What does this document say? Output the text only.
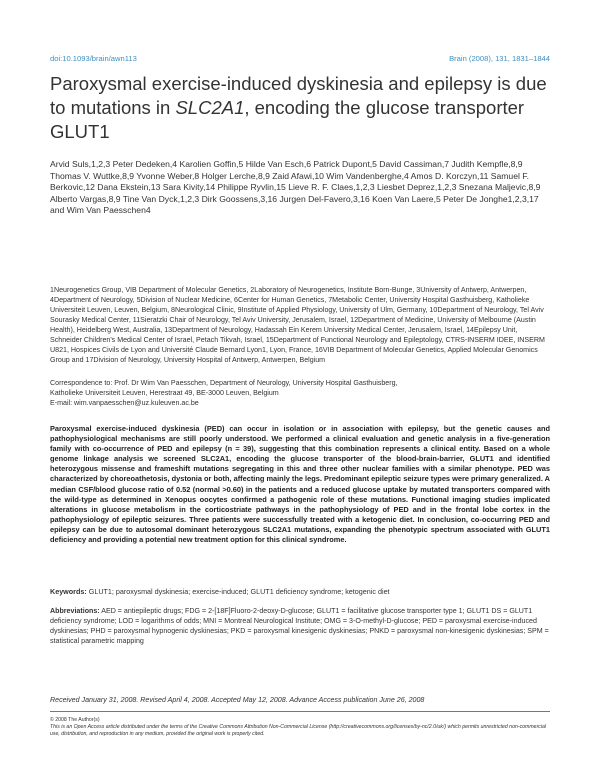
doi:10.1093/brain/awn113	Brain (2008), 131, 1831–1844
Paroxysmal exercise-induced dyskinesia and epilepsy is due to mutations in SLC2A1, encoding the glucose transporter GLUT1
Arvid Suls,1,2,3 Peter Dedeken,4 Karolien Goffin,5 Hilde Van Esch,6 Patrick Dupont,5 David Cassiman,7 Judith Kempfle,8,9 Thomas V. Wuttke,8,9 Yvonne Weber,8 Holger Lerche,8,9 Zaid Afawi,10 Wim Vandenberghe,4 Amos D. Korczyn,11 Samuel F. Berkovic,12 Dana Ekstein,13 Sara Kivity,14 Philippe Ryvlin,15 Lieve R. F. Claes,1,2,3 Liesbet Deprez,1,2,3 Snezana Maljevic,8,9 Alberto Vargas,8,9 Tine Van Dyck,1,2,3 Dirk Goossens,3,16 Jurgen Del-Favero,3,16 Koen Van Laere,5 Peter De Jonghe1,2,3,17 and Wim Van Paesschen4
1Neurogenetics Group, VIB Department of Molecular Genetics, 2Laboratory of Neurogenetics, Institute Born-Bunge, 3University of Antwerp, Antwerpen, 4Department of Neurology, 5Division of Nuclear Medicine, 6Center for Human Genetics, 7Metabolic Center, University Hospital Gasthuisberg, Katholieke Universiteit Leuven, Leuven, Belgium, 8Neurological Clinic, 9Institute of Applied Physiology, University of Ulm, Germany, 10Department of Neurology, Tel Aviv Sourasky Medical Center, 11Sieratzki Chair of Neurology, Tel Aviv University, Jerusalem, Israel, 12Department of Medicine, University of Melbourne (Austin Health), Heidelberg West, Australia, 13Department of Neurology, Hadassah Ein Kerem University Medical Center, Jerusalem, Israel, 14Epilepsy Unit, Schneider Children's Medical Center of Israel, Petach Tikvah, Israel, 15Department of Functional Neurology and Epileptology, CTRS-INSERM IDEE, INSERM U821, Hospices Civils de Lyon and Université Claude Bernard Lyon1, Lyon, France, 16VIB Department of Molecular Genetics, Applied Molecular Genomics Group and 17Division of Neurology, University Hospital of Antwerp, Antwerpen, Belgium
Correspondence to: Prof. Dr Wim Van Paesschen, Department of Neurology, University Hospital Gasthuisberg,
Katholieke Universiteit Leuven, Herestraat 49, BE-3000 Leuven, Belgium
E-mail: wim.vanpaesschen@uz.kuleuven.ac.be
Paroxysmal exercise-induced dyskinesia (PED) can occur in isolation or in association with epilepsy, but the genetic causes and pathophysiological mechanisms are still poorly understood. We performed a clinical evaluation and genetic analysis in a five-generation family with co-occurrence of PED and epilepsy (n = 39), suggesting that this combination represents a clinical entity. Based on a whole genome linkage analysis we screened SLC2A1, encoding the glucose transporter of the blood-brain-barrier, GLUT1 and identified heterozygous missense and frameshift mutations segregating in this and three other nuclear families with a similar phenotype. PED was characterized by choreoathetosis, dystonia or both, affecting mainly the legs. Predominant epileptic seizure types were primary generalized. A median CSF/blood glucose ratio of 0.52 (normal >0.60) in the patients and a reduced glucose uptake by mutated transporters compared with the wild-type as determined in Xenopus oocytes confirmed a pathogenic role of these mutations. Functional imaging studies implicated alterations in glucose metabolism in the corticostriate pathways in the pathophysiology of PED and in the frontal lobe cortex in the pathophysiology of epileptic seizures. Three patients were successfully treated with a ketogenic diet. In conclusion, co-occurring PED and epilepsy can be due to autosomal dominant heterozygous SLC2A1 mutations, expanding the phenotypic spectrum associated with GLUT1 deficiency and providing a potential new treatment option for this clinical syndrome.
Keywords: GLUT1; paroxysmal dyskinesia; exercise-induced; GLUT1 deficiency syndrome; ketogenic diet
Abbreviations: AED = antiepileptic drugs; FDG = 2-[18F]Fluoro-2-deoxy-D-glucose; GLUT1 = facilitative glucose transporter type 1; GLUT1 DS = GLUT1 deficiency syndrome; LOD = logarithms of odds; MNI = Montreal Neurological Institute; OMG = 3-O-methyl-D-glucose; PED = paroxysmal exercise-induced dyskinesias; PHD = paroxysmal hypnogenic dyskinesias; PKD = paroxysmal kinesigenic dyskinesias; PNKD = paroxysmal non-kinesigenic dyskinesias; SPM = statistical parametric mapping
Received January 31, 2008. Revised April 4, 2008. Accepted May 12, 2008. Advance Access publication June 26, 2008
© 2008 The Author(s)
This is an Open Access article distributed under the terms of the Creative Commons Attribution Non-Commercial License (http://creativecommons.org/licenses/by-nc/2.0/uk/) which permits unrestricted non-commercial use, distribution, and reproduction in any medium, provided the original work is properly cited.
